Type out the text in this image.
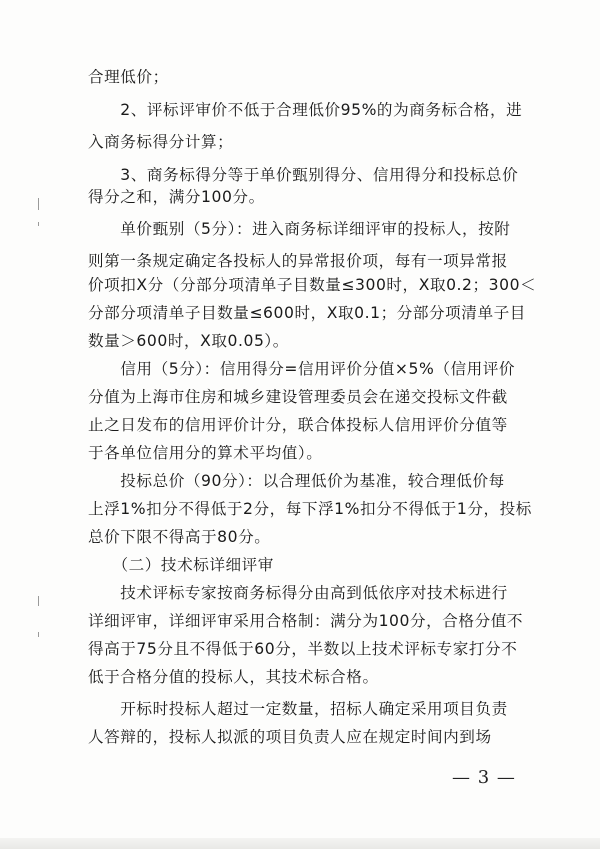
合理低价；
　　2、评标评审价不低于合理低价95%的为商务标合格，进
入商务标得分计算；
　　3、商务标得分等于单价甄别得分、信用得分和投标总价
得分之和，满分100分。
　　单价甄别（5分）：进入商务标详细评审的投标人，按附
则第一条规定确定各投标人的异常报价项，每有一项异常报
价项扣X分（分部分项清单子目数量≤300时，X取0.2；300＜
分部分项清单子目数量≤600时，X取0.1；分部分项清单子目
数量＞600时，X取0.05）。
　　信用（5分）：信用得分=信用评价分值×5%（信用评价
分值为上海市住房和城乡建设管理委员会在递交投标文件截
止之日发布的信用评价计分，联合体投标人信用评价分值等
于各单位信用分的算术平均值）。
　　投标总价（90分）：以合理低价为基准，较合理低价每
上浮1%扣分不得低于2分，每下浮1%扣分不得低于1分，投标
总价下限不得高于80分。
　　（二）技术标详细评审
　　技术评标专家按商务标得分由高到低依序对技术标进行
详细评审，详细评审采用合格制：满分为100分，合格分值不
得高于75分且不得低于60分，半数以上技术评标专家打分不
低于合格分值的投标人，其技术标合格。
　　开标时投标人超过一定数量，招标人确定采用项目负责
人答辩的，投标人拟派的项目负责人应在规定时间内到场
— 3 —
